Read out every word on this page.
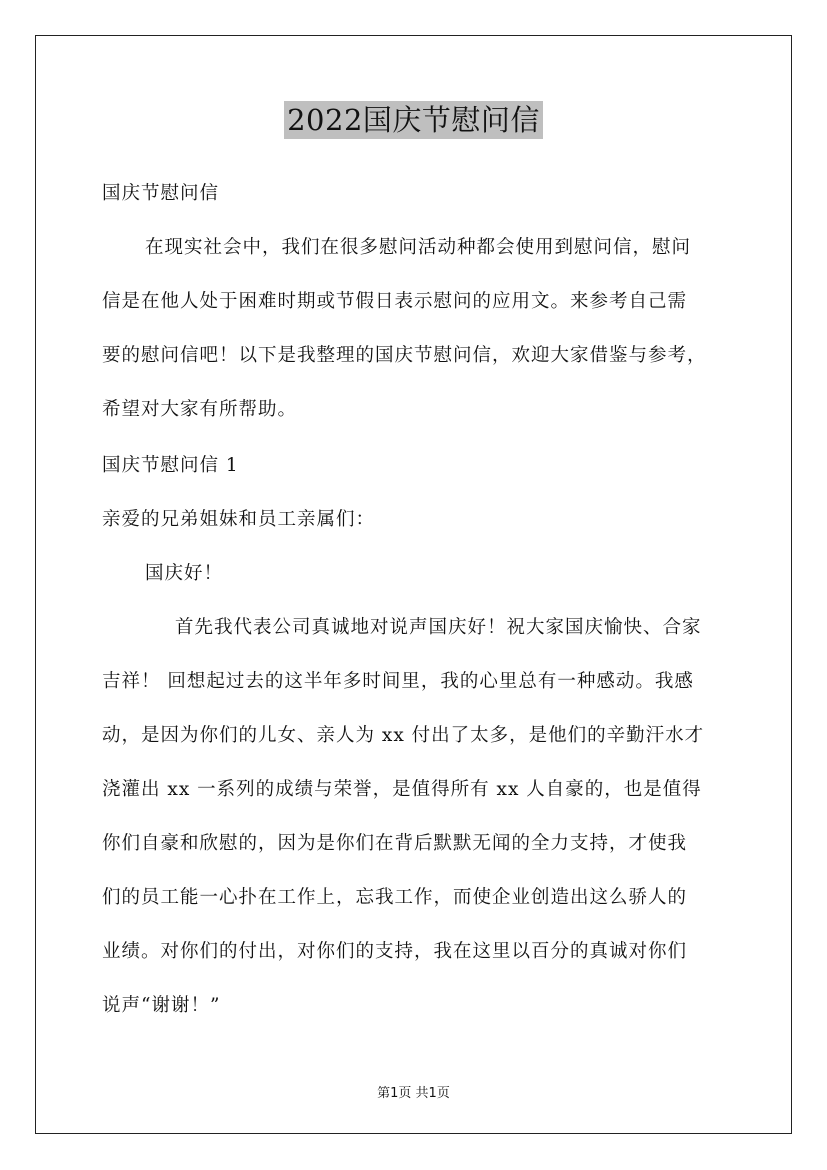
2022国庆节慰问信
国庆节慰问信
在现实社会中，我们在很多慰问活动种都会使用到慰问信，慰问
信是在他人处于困难时期或节假日表示慰问的应用文。来参考自己需
要的慰问信吧！以下是我整理的国庆节慰问信，欢迎大家借鉴与参考，
希望对大家有所帮助。
国庆节慰问信 1
亲爱的兄弟姐妹和员工亲属们：
国庆好！
首先我代表公司真诚地对说声国庆好！祝大家国庆愉快、合家
吉祥！ 回想起过去的这半年多时间里，我的心里总有一种感动。我感
动，是因为你们的儿女、亲人为 xx 付出了太多，是他们的辛勤汗水才
浇灌出 xx 一系列的成绩与荣誉，是值得所有 xx 人自豪的，也是值得
你们自豪和欣慰的，因为是你们在背后默默无闻的全力支持，才使我
们的员工能一心扑在工作上，忘我工作，而使企业创造出这么骄人的
业绩。对你们的付出，对你们的支持，我在这里以百分的真诚对你们
说声“谢谢！”
第1页 共1页
